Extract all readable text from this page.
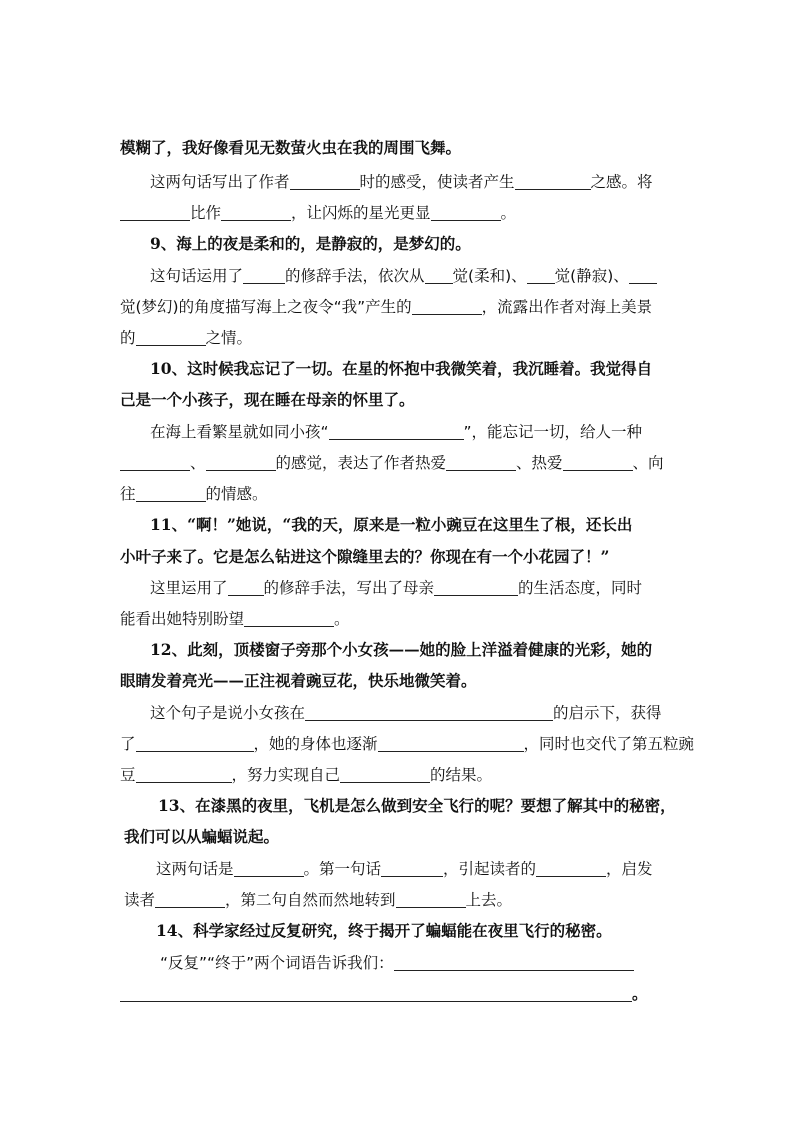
模糊了，我好像看见无数萤火虫在我的周围飞舞。
这两句话写出了作者	时的感受，使读者产生	之感。将
比作	，让闪烁的星光更显	。
9、海上的夜是柔和的，是静寂的，是梦幻的。
这句话运用了	的修辞手法，依次从 觉(柔和)、 觉(静寂)、
觉(梦幻)的角度描写海上之夜令“我”产生的	，流露出作者对海上美景
的	之情。
10、这时候我忘记了一切。在星的怀抱中我微笑着，我沉睡着。我觉得自
己是一个小孩子，现在睡在母亲的怀里了。
在海上看繁星就如同小孩“	”，能忘记一切，给人一种
、	的感觉，表达了作者热爱	、热爱	、向
往	的情感。
11、“啊！”她说，“我的天，原来是一粒小豌豆在这里生了根，还长出
小叶子来了。它是怎么钻进这个隙缝里去的？你现在有一个小花园了！”
这里运用了 的修辞手法，写出了母亲	的生活态度，同时
能看出她特别盼望	。
12、此刻，顶楼窗子旁那个小女孩——她的脸上洋溢着健康的光彩，她的
眼睛发着亮光——正注视着豌豆花，快乐地微笑着。
这个句子是说小女孩在	的启示下，获得
了	，她的身体也逐渐	，同时也交代了第五粒豌
豆	，努力实现自己	的结果。
13、在漆黑的夜里，飞机是怎么做到安全飞行的呢？要想了解其中的秘密，
我们可以从蝙蝠说起。
这两句话是	。第一句话	，引起读者的	，启发
读者	，第二句自然而然地转到	上去。
14、科学家经过反复研究，终于揭开了蝙蝠能在夜里飞行的秘密。
“反复”“终于”两个词语告诉我们：
。
